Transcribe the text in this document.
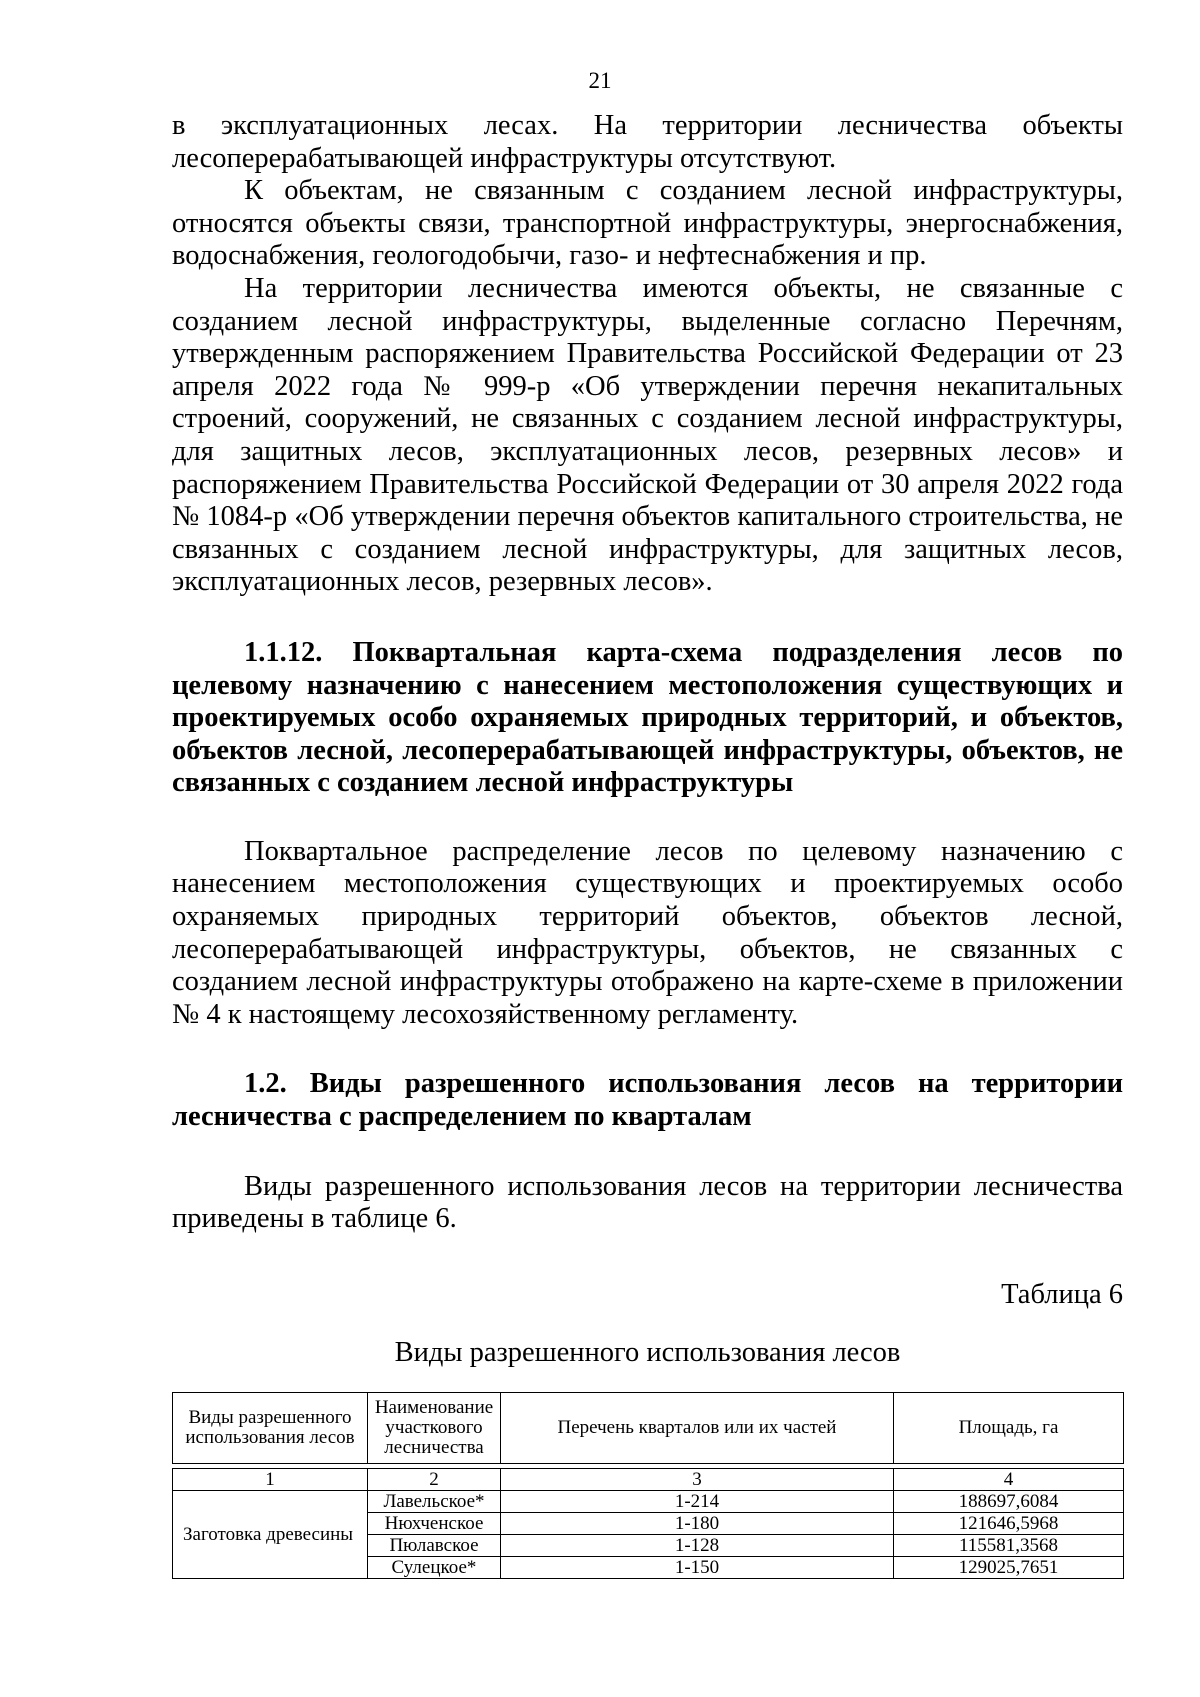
21

в эксплуатационных лесах. На территории лесничества объекты лесоперерабатывающей инфраструктуры отсутствуют.

К объектам, не связанным с созданием лесной инфраструктуры, относятся объекты связи, транспортной инфраструктуры, энергоснабжения, водоснабжения, геологодобычи, газо- и нефтеснабжения и пр.

На территории лесничества имеются объекты, не связанные с созданием лесной инфраструктуры, выделенные согласно Перечням, утвержденным распоряжением Правительства Российской Федерации от 23 апреля 2022 года № 999-р «Об утверждении перечня некапитальных строений, сооружений, не связанных с созданием лесной инфраструктуры, для защитных лесов, эксплуатационных лесов, резервных лесов» и распоряжением Правительства Российской Федерации от 30 апреля 2022 года № 1084-р «Об утверждении перечня объектов капитального строительства, не связанных с созданием лесной инфраструктуры, для защитных лесов, эксплуатационных лесов, резервных лесов».

1.1.12. Поквартальная карта-схема подразделения лесов по целевому назначению с нанесением местоположения существующих и проектируемых особо охраняемых природных территорий, и объектов, объектов лесной, лесоперерабатывающей инфраструктуры, объектов, не связанных с созданием лесной инфраструктуры

Поквартальное распределение лесов по целевому назначению с нанесением местоположения существующих и проектируемых особо охраняемых природных территорий объектов, объектов лесной, лесоперерабатывающей инфраструктуры, объектов, не связанных с созданием лесной инфраструктуры отображено на карте-схеме в приложении № 4 к настоящему лесохозяйственному регламенту.

1.2. Виды разрешенного использования лесов на территории лесничества с распределением по кварталам

Виды разрешенного использования лесов на территории лесничества приведены в таблице 6.

Таблица 6

Виды разрешенного использования лесов

Виды разрешенного использования лесов	Наименование участкового лесничества	Перечень кварталов или их частей	Площадь, га

1	2	3	4
Заготовка древесины	Лавельское*	1-214	188697,6084
	Нюхченское	1-180	121646,5968
	Пюлавское	1-128	115581,3568
	Сулецкое*	1-150	129025,7651
